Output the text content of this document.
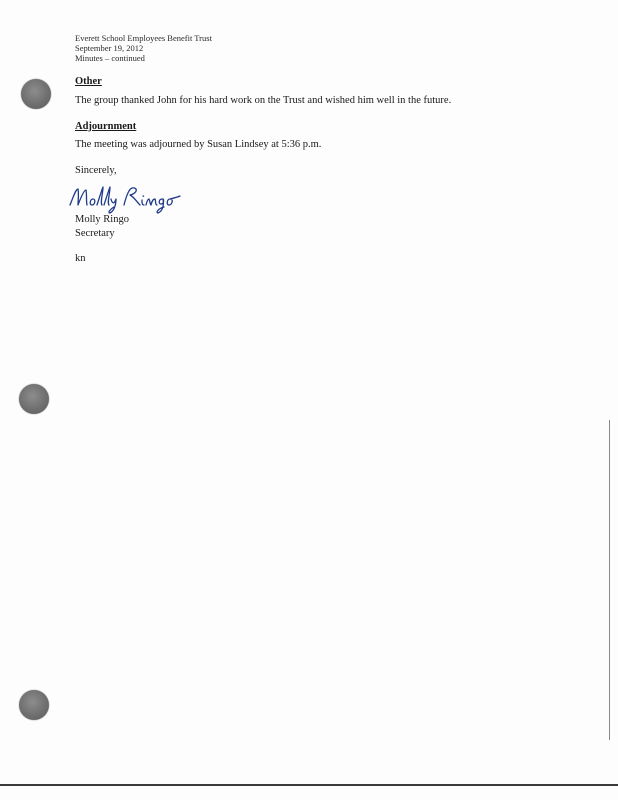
Everett School Employees Benefit Trust
September 19, 2012
Minutes – continued
Other
The group thanked John for his hard work on the Trust and wished him well in the future.
Adjournment
The meeting was adjourned by Susan Lindsey at 5:36 p.m.
Sincerely,
Molly Ringo
Secretary
kn
